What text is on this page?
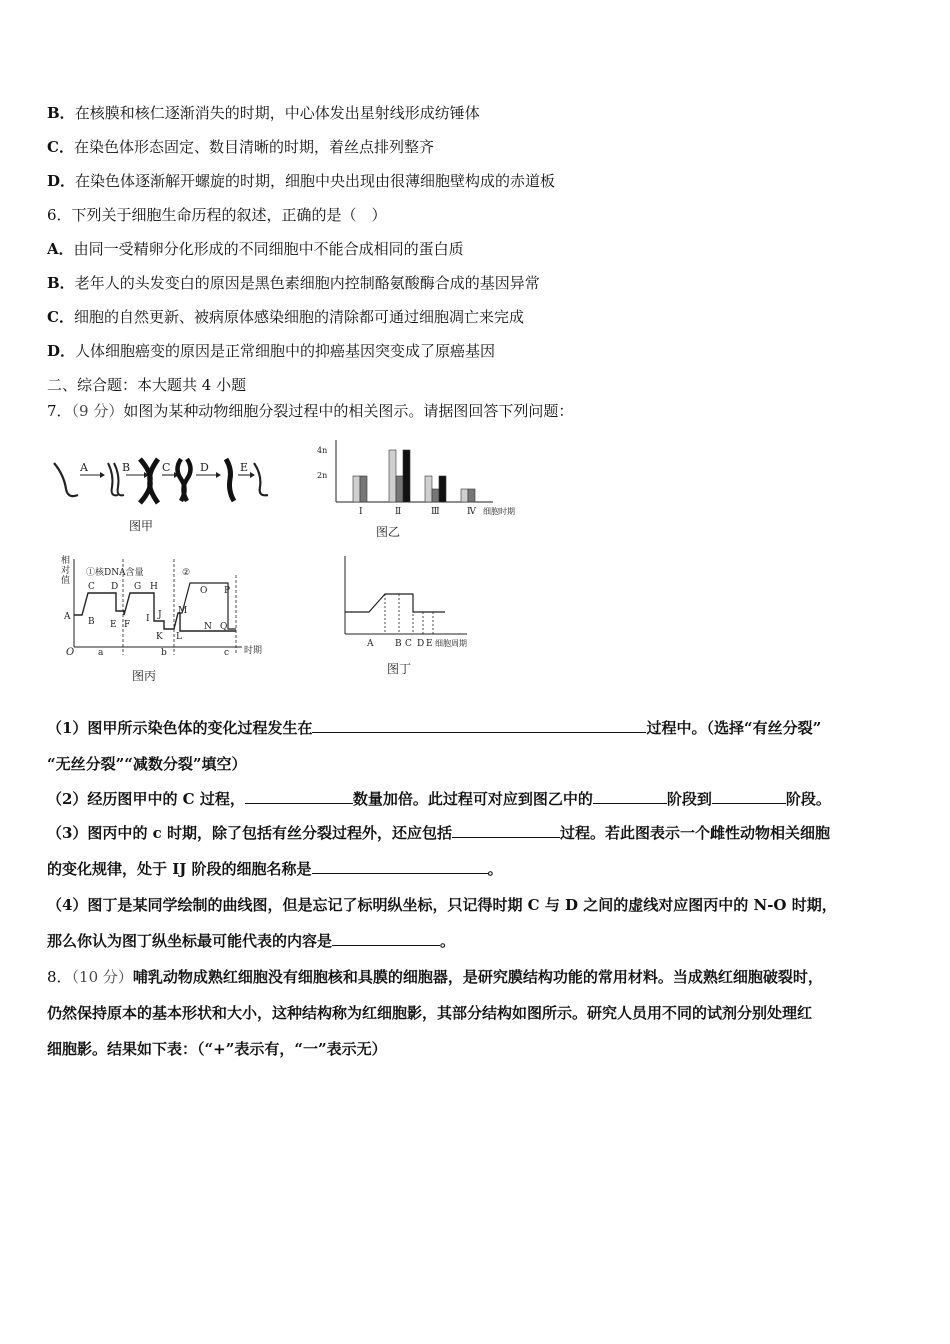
B．在核膜和核仁逐渐消失的时期，中心体发出星射线形成纺锤体
C．在染色体形态固定、数目清晰的时期，着丝点排列整齐
D．在染色体逐渐解开螺旋的时期，细胞中央出现由很薄细胞壁构成的赤道板
6．下列关于细胞生命历程的叙述，正确的是（　）
A．由同一受精卵分化形成的不同细胞中不能合成相同的蛋白质
B．老年人的头发变白的原因是黑色素细胞内控制酪氨酸酶合成的基因异常
C．细胞的自然更新、被病原体感染细胞的清除都可通过细胞凋亡来完成
D．人体细胞癌变的原因是正常细胞中的抑癌基因突变成了原癌基因
二、综合题：本大题共 4 小题
7．（9 分）如图为某种动物细胞分裂过程中的相关图示。请据图回答下列问题：
A	B	C	D	E
图甲
4n
2n
Ⅰ	Ⅱ	Ⅲ	Ⅳ 细胞时期
图乙
相
对
值
①核DNA含量	②
C D G H
A B E F
I J
K L
M
O P
N Q
O	a	b	c 时期
图丙
A B C D E 细胞周期
图丁
（1）图甲所示染色体的变化过程发生在	过程中。（选择“有丝分裂”
“无丝分裂”“减数分裂”填空）
（2）经历图甲中的 C 过程，	数量加倍。此过程可对应到图乙中的	阶段到	阶段。
（3）图丙中的 c 时期，除了包括有丝分裂过程外，还应包括	过程。若此图表示一个雌性动物相关细胞
的变化规律，处于 IJ 阶段的细胞名称是	。
（4）图丁是某同学绘制的曲线图，但是忘记了标明纵坐标，只记得时期 C 与 D 之间的虚线对应图丙中的 N-O 时期，
那么你认为图丁纵坐标最可能代表的内容是	。
8．（10 分）哺乳动物成熟红细胞没有细胞核和具膜的细胞器，是研究膜结构功能的常用材料。当成熟红细胞破裂时，
仍然保持原本的基本形状和大小，这种结构称为红细胞影，其部分结构如图所示。研究人员用不同的试剂分别处理红
细胞影。结果如下表：（“+”表示有，“一”表示无）
